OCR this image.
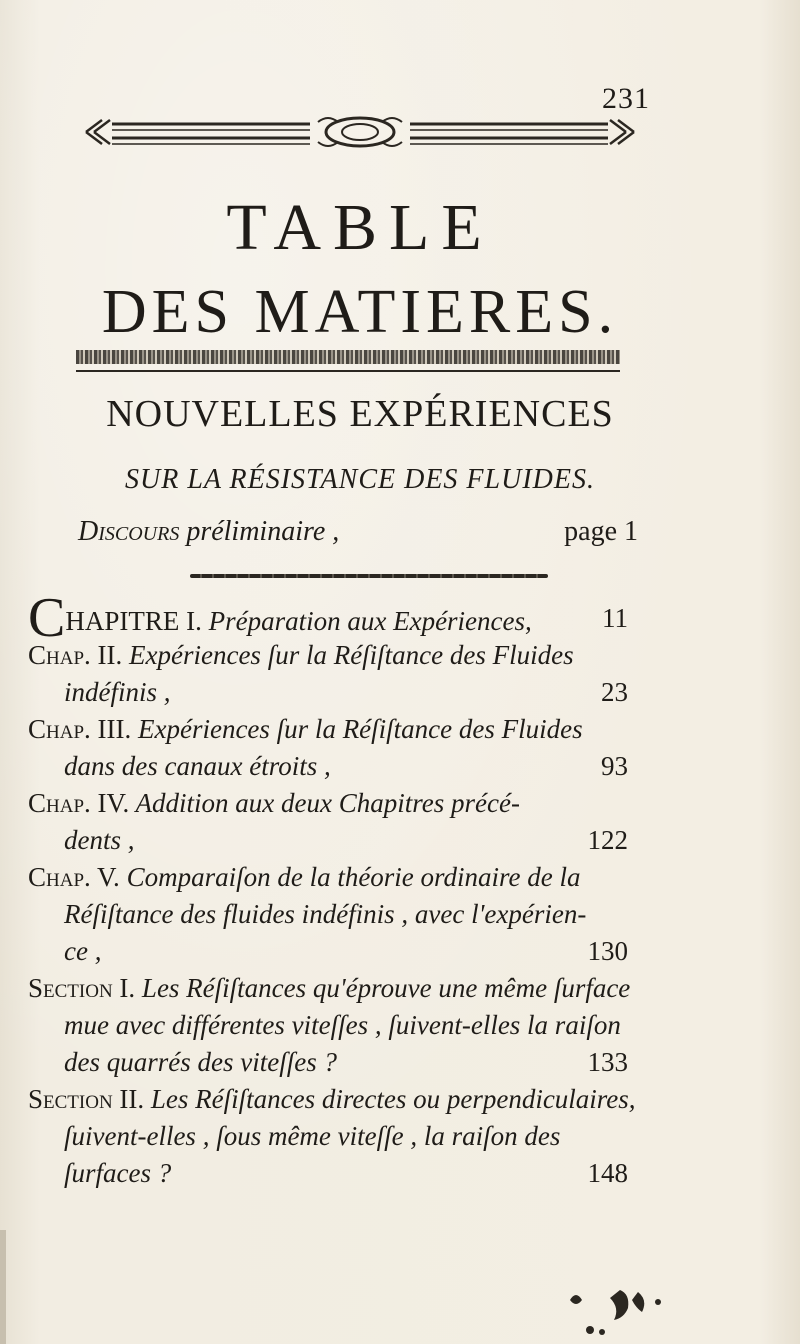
231
TABLE
DES MATIERES.
NOUVELLES EXPÉRIENCES
SUR LA RÉSISTANCE DES FLUIDES.
Discours préliminaire ,	page 1
CHAPITRE I. Préparation aux Expériences,	11
Chap. II. Expériences ſur la Réſiſtance des Fluides
indéfinis ,	23
Chap. III. Expériences ſur la Réſiſtance des Fluides
dans des canaux étroits ,	93
Chap. IV. Addition aux deux Chapitres précé-
dents ,	122
Chap. V. Comparaiſon de la théorie ordinaire de la
Réſiſtance des fluides indéfinis , avec l'expérien-
ce ,	130
Section I. Les Réſiſtances qu'éprouve une même ſurface
mue avec différentes viteſſes , ſuivent-elles la raiſon
des quarrés des viteſſes ?	133
Section II. Les Réſiſtances directes ou perpendiculaires,
ſuivent-elles , ſous même viteſſe , la raiſon des
ſurfaces ?	148
